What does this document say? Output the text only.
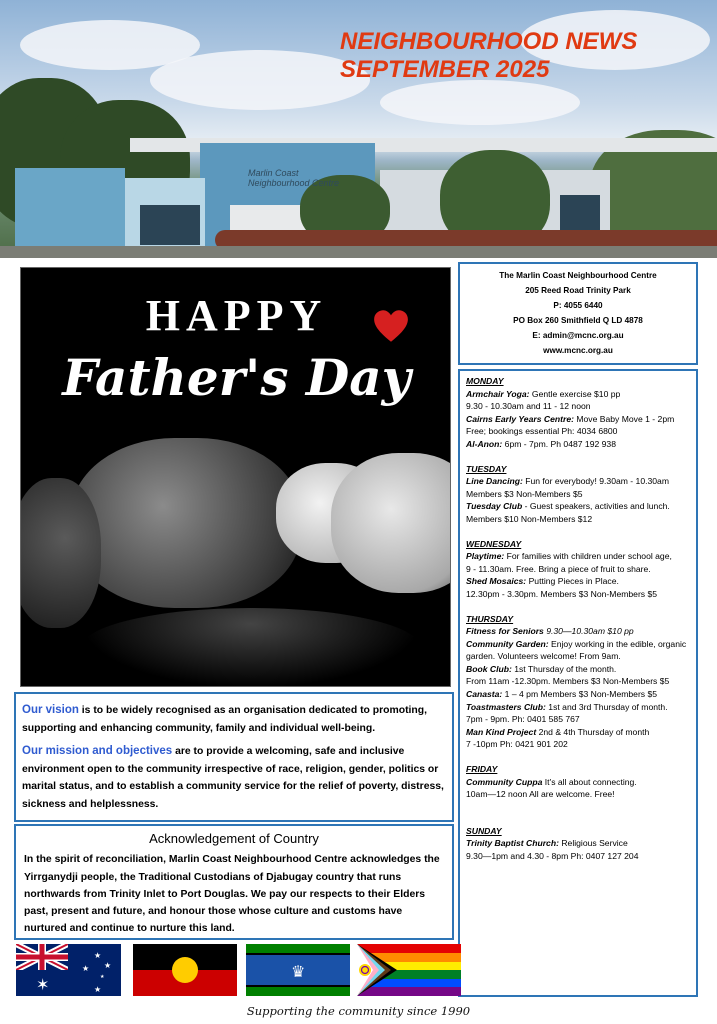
Marlin Coast
Neighbourhood Centre
NEIGHBOURHOOD NEWS
SEPTEMBER 2025
HAPPY
Father's Day
The Marlin Coast Neighbourhood Centre
205 Reed Road Trinity Park
P: 4055 6440
PO Box 260 Smithfield Q LD 4878
E: admin@mcnc.org.au
www.mcnc.org.au
MONDAY
Armchair Yoga: Gentle exercise $10 pp
9.30 - 10.30am and 11 - 12 noon
Cairns Early Years Centre: Move Baby Move 1 - 2pm
Free; bookings essential Ph: 4034 6800
Al-Anon: 6pm - 7pm. Ph 0487 192 938
TUESDAY
Line Dancing: Fun for everybody! 9.30am - 10.30am
Members $3 Non-Members $5
Tuesday Club - Guest speakers, activities and lunch.
Members $10 Non-Members $12
WEDNESDAY
Playtime: For families with children under school age,
9 - 11.30am. Free. Bring a piece of fruit to share.
Shed Mosaics: Putting Pieces in Place.
12.30pm - 3.30pm. Members $3 Non-Members $5
THURSDAY
Fitness for Seniors 9.30—10.30am $10 pp
Community Garden: Enjoy working in the edible, organic
garden. Volunteers welcome! From 9am.
Book Club: 1st Thursday of the month.
From 11am -12.30pm. Members $3 Non-Members $5
Canasta: 1 – 4 pm Members $3 Non-Members $5
Toastmasters Club: 1st and 3rd Thursday of month.
7pm - 9pm. Ph: 0401 585 767
Man Kind Project 2nd & 4th Thursday of month
7 -10pm Ph: 0421 901 202
FRIDAY
Community Cuppa It's all about connecting.
10am—12 noon All are welcome. Free!
SUNDAY
Trinity Baptist Church: Religious Service
9.30—1pm and 4.30 - 8pm Ph: 0407 127 204
Our vision is to be widely recognised as an organisation dedicated to promoting, supporting and enhancing community, family and individual well-being.
Our mission and objectives are to provide a welcoming, safe and inclusive environment open to the community irrespective of race, religion, gender, politics or marital status, and to establish a community service for the relief of poverty, distress, sickness and helplessness.
Acknowledgement of Country
In the spirit of reconciliation, Marlin Coast Neighbourhood Centre acknowledges the Yirrganydji people, the Traditional Custodians of Djabugay country that runs northwards from Trinity Inlet to Port Douglas. We pay our respects to their Elders past, present and future, and honour those whose culture and customs have nurtured and continue to nurture this land.
✶
★
★ ★
★
★	♛
Supporting the community since 1990
